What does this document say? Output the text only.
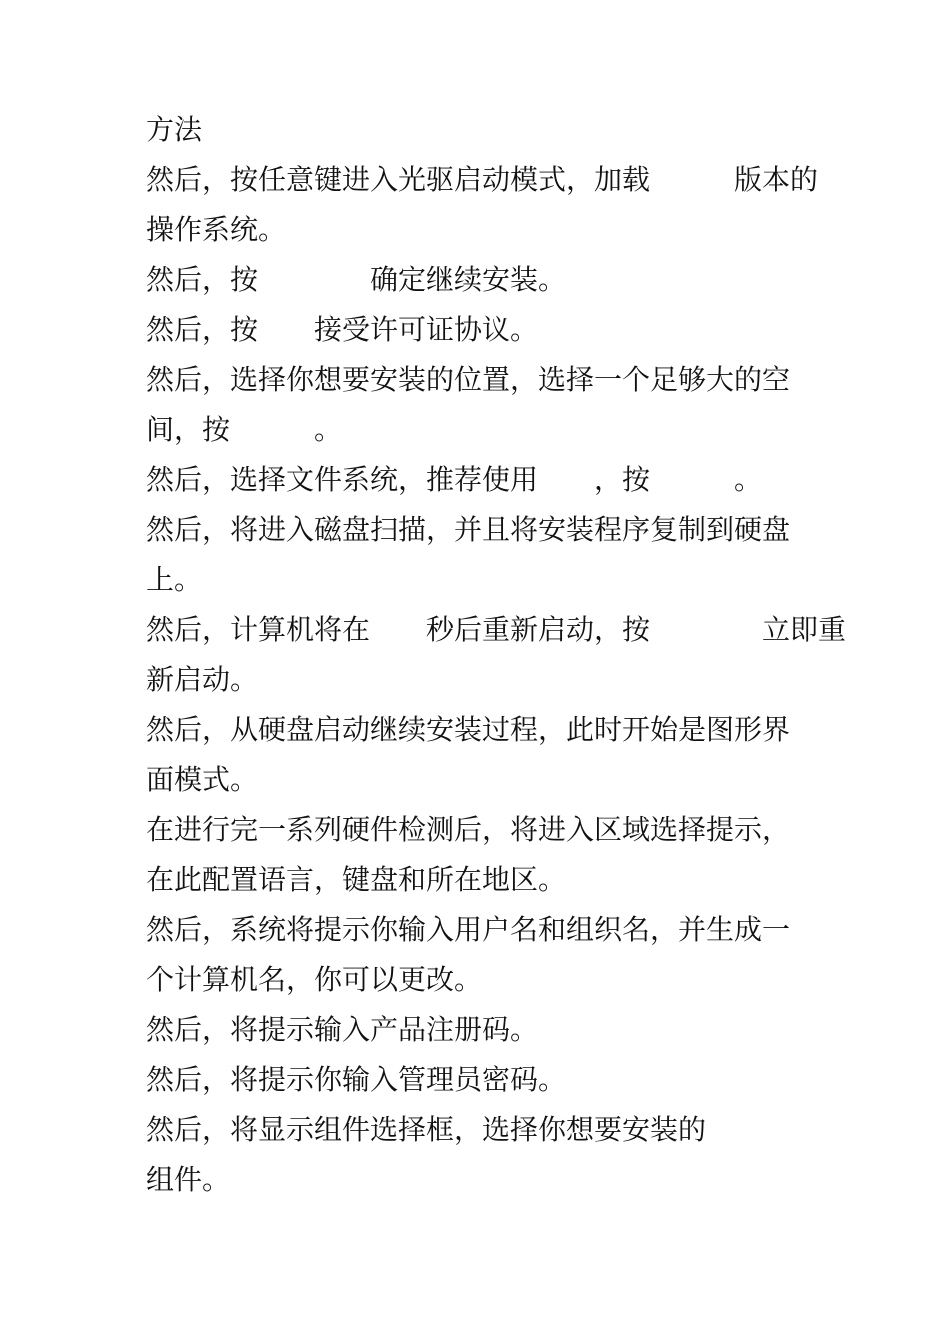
方法

然后，按任意键进入光驱启动模式，加载　　　版本的

操作系统。

然后，按　　　　确定继续安装。

然后，按　　接受许可证协议。

然后，选择你想要安装的位置，选择一个足够大的空

间，按　　　。

然后，选择文件系统，推荐使用　　，按　　　。

然后，将进入磁盘扫描，并且将安装程序复制到硬盘

上。

然后，计算机将在　　秒后重新启动，按　　　　立即重

新启动。

然后，从硬盘启动继续安装过程，此时开始是图形界

面模式。

在进行完一系列硬件检测后，将进入区域选择提示，

在此配置语言，键盘和所在地区。

然后，系统将提示你输入用户名和组织名，并生成一

个计算机名，你可以更改。

然后，将提示输入产品注册码。

然后，将提示你输入管理员密码。

然后，将显示组件选择框，选择你想要安装的

组件。
